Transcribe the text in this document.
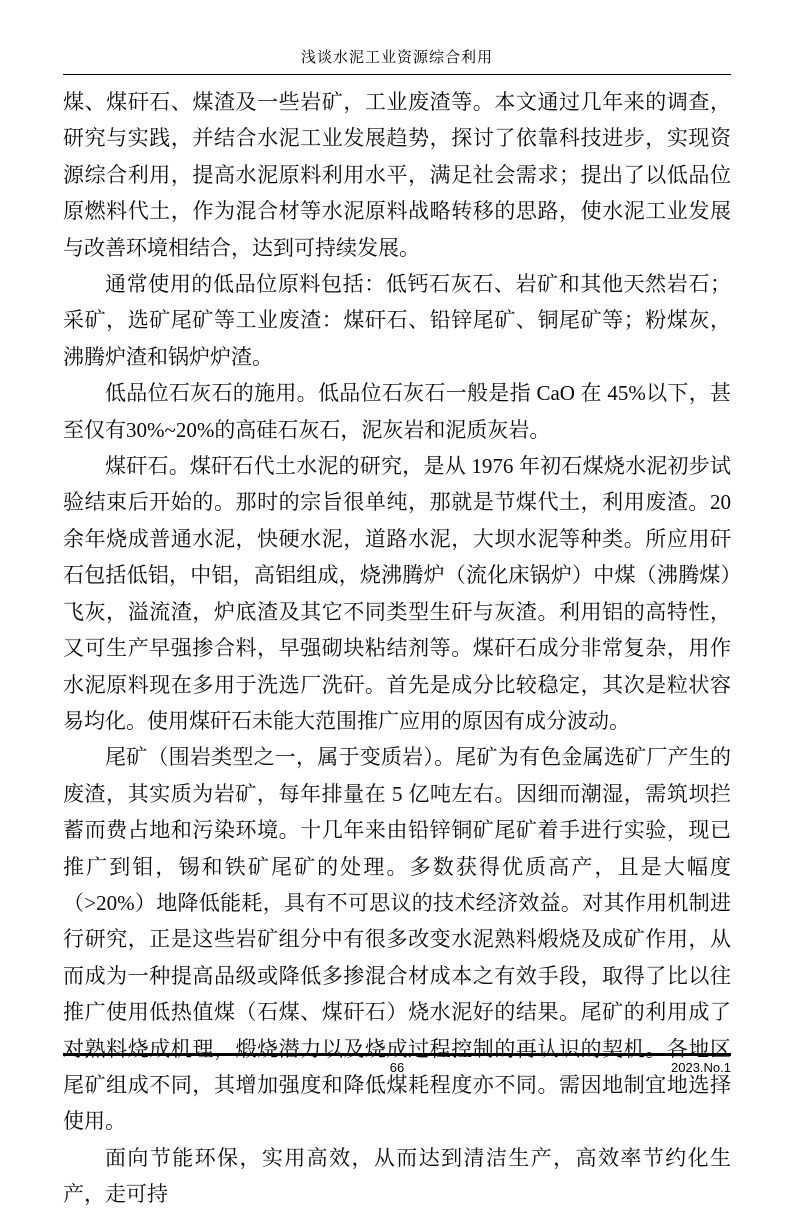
浅谈水泥工业资源综合利用

煤、煤矸石、煤渣及一些岩矿，工业废渣等。本文通过几年来的调查，研究与实践，并结合水泥工业发展趋势，探讨了依靠科技进步，实现资源综合利用，提高水泥原料利用水平，满足社会需求；提出了以低品位原燃料代土，作为混合材等水泥原料战略转移的思路，使水泥工业发展与改善环境相结合，达到可持续发展。

通常使用的低品位原料包括：低钙石灰石、岩矿和其他天然岩石；采矿，选矿尾矿等工业废渣：煤矸石、铅锌尾矿、铜尾矿等；粉煤灰，沸腾炉渣和锅炉炉渣。

低品位石灰石的施用。低品位石灰石一般是指 CaO 在 45%以下，甚至仅有30%~20%的高硅石灰石，泥灰岩和泥质灰岩。

煤矸石。煤矸石代土水泥的研究，是从 1976 年初石煤烧水泥初步试验结束后开始的。那时的宗旨很单纯，那就是节煤代土，利用废渣。20 余年烧成普通水泥，快硬水泥，道路水泥，大坝水泥等种类。所应用矸石包括低铝，中铝，高铝组成，烧沸腾炉（流化床锅炉）中煤（沸腾煤）飞灰，溢流渣，炉底渣及其它不同类型生矸与灰渣。利用铝的高特性，又可生产早强掺合料，早强砌块粘结剂等。煤矸石成分非常复杂，用作水泥原料现在多用于洗选厂洗矸。首先是成分比较稳定，其次是粒状容易均化。使用煤矸石未能大范围推广应用的原因有成分波动。

尾矿（围岩类型之一，属于变质岩）。尾矿为有色金属选矿厂产生的废渣，其实质为岩矿，每年排量在 5 亿吨左右。因细而潮湿，需筑坝拦蓄而费占地和污染环境。十几年来由铅锌铜矿尾矿着手进行实验，现已推广到钼，锡和铁矿尾矿的处理。多数获得优质高产，且是大幅度（>20%）地降低能耗，具有不可思议的技术经济效益。对其作用机制进行研究，正是这些岩矿组分中有很多改变水泥熟料煅烧及成矿作用，从而成为一种提高品级或降低多掺混合材成本之有效手段，取得了比以往推广使用低热值煤（石煤、煤矸石）烧水泥好的结果。尾矿的利用成了对熟料烧成机理，煅烧潜力以及烧成过程控制的再认识的契机。各地区尾矿组成不同，其增加强度和降低煤耗程度亦不同。需因地制宜地选择使用。

面向节能环保，实用高效，从而达到清洁生产，高效率节约化生产，走可持

66	2023.No.1
